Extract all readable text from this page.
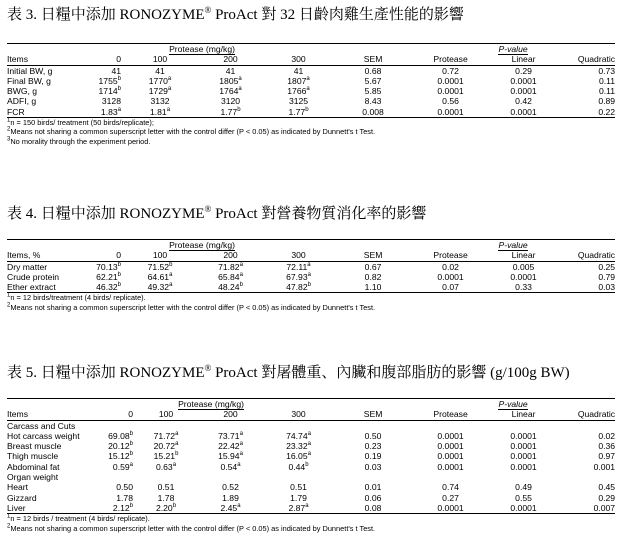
表 3. 日糧中添加 RONOZYME® ProAct 對 32 日齡肉雞生產性能的影響
	Protease (mg/kg)					P-value		
Items	0	100	200	300	SEM	Protease	Linear	Quadratic
Initial BW, g	41	41	41	41	0.68	0.72	0.29	0.73
Final BW, g	1755$^b$	1770$^a$	1805$^a$	1807$^a$	5.67	0.0001	0.0001	0.11
BWG, g	1714$^b$	1729$^a$	1764$^a$	1766$^a$	5.85	0.0001	0.0001	0.11
ADFI, g	3128	3132	3120	3125	8.43	0.56	0.42	0.89
FCR	1.83$^a$	1.81$^a$	1.77$^b$	1.77$^b$	0.008	0.0001	0.0001	0.22
$^1$n = 150 birds/ treatment (50 birds/replicate);
$^2$Means not sharing a common superscript letter with the control differ (P < 0.05) as indicated by Dunnett's t Test.
$^3$No morality through the experiment period.
表 4. 日糧中添加 RONOZYME® ProAct 對營養物質消化率的影響
	Protease (mg/kg)					P-value		
Items, %	0	100	200	300	SEM	Protease	Linear	Quadratic
Dry matter	70.13$^b$	71.52$^b$	71.82$^a$	72.11$^a$	0.67	0.02	0.005	0.25
Crude protein	62.21$^b$	64.61$^a$	65.84$^a$	67.93$^a$	0.82	0.0001	0.0001	0.79
Ether extract	46.32$^b$	49.32$^a$	48.24$^b$	47.82$^b$	1.10	0.07	0.33	0.03
$^1$n = 12 birds/treatment (4 birds/ replicate).
$^2$Means not sharing a common superscript letter with the control differ (P < 0.05) as indicated by Dunnett's t Test.
表 5. 日糧中添加 RONOZYME® ProAct 對屠體重、內臟和腹部脂肪的影響 (g/100g BW)
	Protease (mg/kg)					P-value		
Items	0	100	200	300	SEM	Protease	Linear	Quadratic
Carcass and Cuts								
Hot carcass weight	69.08$^b$	71.72$^a$	73.71$^a$	74.74$^a$	0.50	0.0001	0.0001	0.02
Breast muscle	20.12$^b$	20.72$^a$	22.42$^a$	23.32$^a$	0.23	0.0001	0.0001	0.36
Thigh muscle	15.12$^b$	15.21$^b$	15.94$^a$	16.05$^a$	0.19	0.0001	0.0001	0.97
Abdominal fat	0.59$^a$	0.63$^a$	0.54$^a$	0.44$^b$	0.03	0.0001	0.0001	0.001
Organ weight								
Heart	0.50	0.51	0.52	0.51	0.01	0.74	0.49	0.45
Gizzard	1.78	1.78	1.89	1.79	0.06	0.27	0.55	0.29
Liver	2.12$^b$	2.20$^b$	2.45$^a$	2.87$^a$	0.08	0.0001	0.0001	0.007
$^1$n = 12 birds / treatment (4 birds/ replicate).
$^2$Means not sharing a common superscript letter with the control differ (P < 0.05) as indicated by Dunnett's t Test.
